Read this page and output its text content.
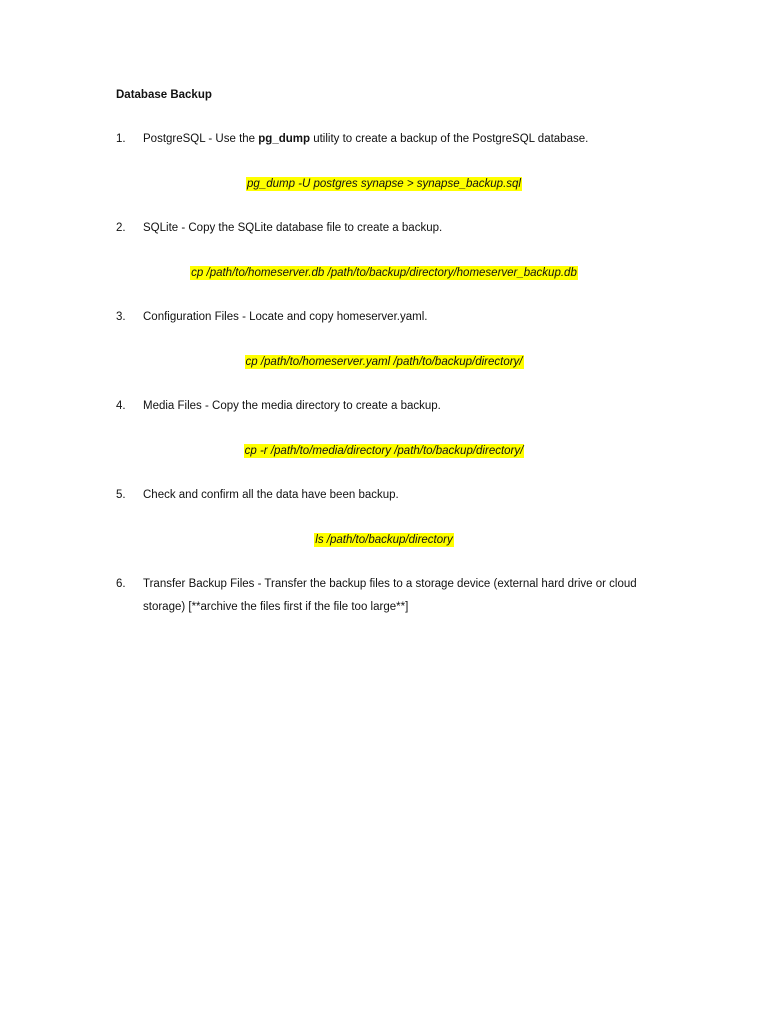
Database Backup
1.	PostgreSQL - Use the pg_dump utility to create a backup of the PostgreSQL database.
pg_dump -U postgres synapse > synapse_backup.sql
2.	SQLite - Copy the SQLite database file to create a backup.
cp /path/to/homeserver.db /path/to/backup/directory/homeserver_backup.db
3.	Configuration Files - Locate and copy homeserver.yaml.
cp /path/to/homeserver.yaml /path/to/backup/directory/
4.	Media Files - Copy the media directory to create a backup.
cp -r /path/to/media/directory /path/to/backup/directory/
5.	Check and confirm all the data have been backup.
ls /path/to/backup/directory
6.	Transfer Backup Files - Transfer the backup files to a storage device (external hard drive or cloud
storage) [**archive the files first if the file too large**]
